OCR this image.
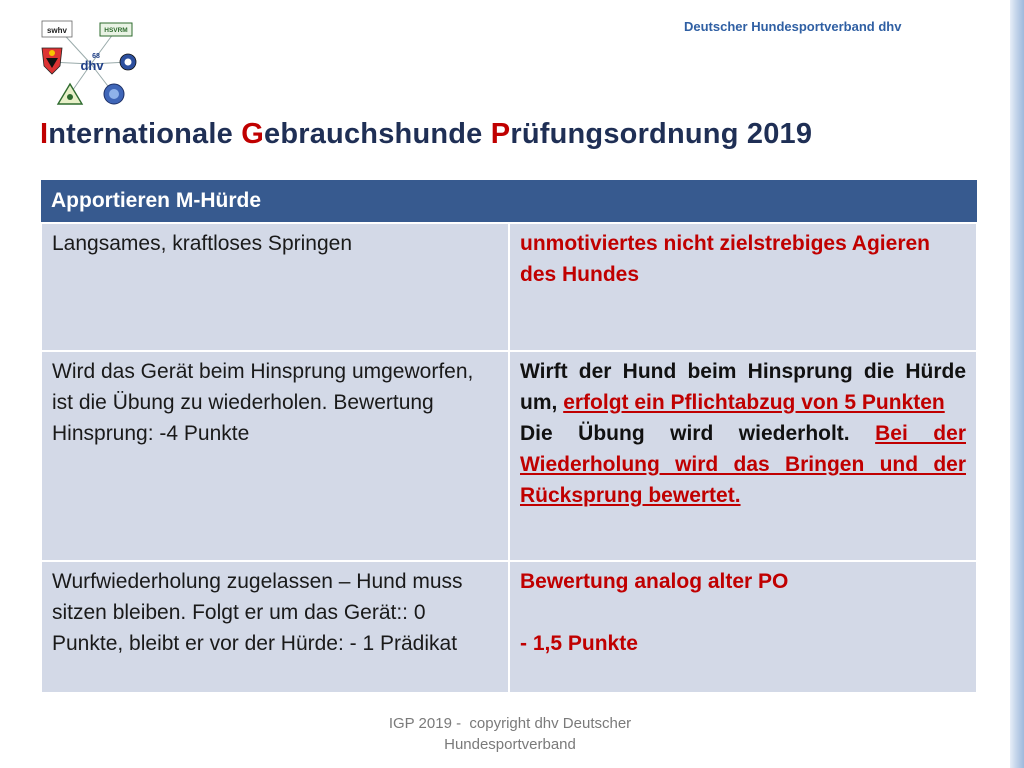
swhv	HSVRM
68
dhv
Deutscher Hundesportverband dhv
Internationale Gebrauchshunde Prüfungsordnung 2019
Apportieren M-Hürde	
Langsames, kraftloses Springen	unmotiviertes nicht zielstrebiges Agieren des Hundes
Wird das Gerät beim Hinsprung umgeworfen, ist die Übung zu wiederholen. Bewertung Hinsprung: -4 Punkte	Wirft der Hund beim Hinsprung die Hürde um, erfolgt ein Pflichtabzug von 5 Punkten
Die Übung wird wiederholt. Bei der Wiederholung wird das Bringen und der Rücksprung bewertet.
Wurfwiederholung zugelassen – Hund muss sitzen bleiben. Folgt er um das Gerät:: 0 Punkte, bleibt er vor der Hürde: - 1 Prädikat	Bewertung analog alter PO
- 1,5 Punkte
IGP 2019 -  copyright dhv Deutscher
Hundesportverband
